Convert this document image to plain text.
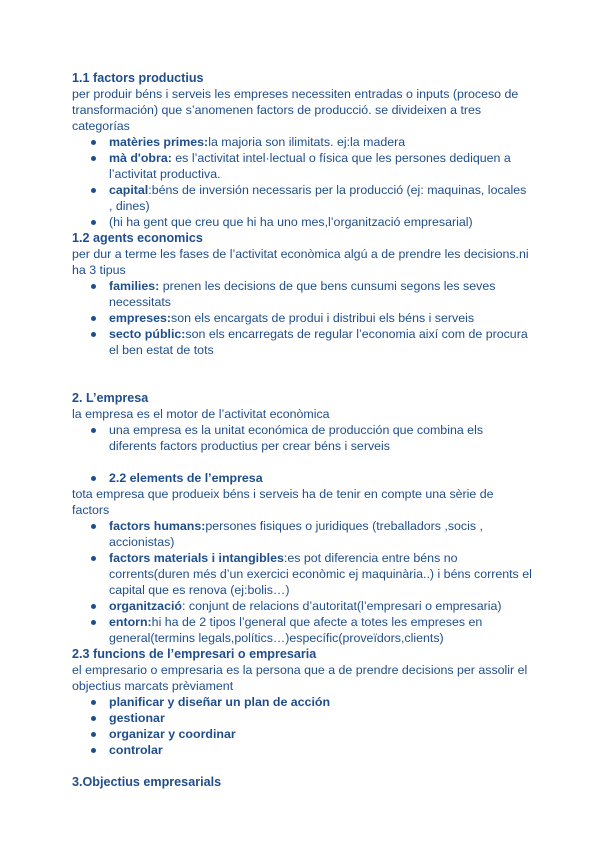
1.1 factors productius

per produir béns i serveis les empreses necessiten entradas o inputs (proceso de transformación) que s’anomenen factors de producció. se divideixen a tres categorías

matèries primes:la majoria son ilimitats. ej:la madera
mà d'obra: es l’activitat intel·lectual o física que les persones dediquen a l’activitat productiva.
capital:béns de inversión necessaris per la producció (ej: maquinas, locales , dines)
(hi ha gent que creu que hi ha uno mes,l’organització empresarial)
1.2 agents economics

per dur a terme les fases de l’activitat econòmica algú a de prendre les decisions.ni ha 3 tipus

families: prenen les decisions de que bens cunsumi segons les seves necessitats
empreses:son els encargats de produi i distribui els béns i serveis
secto públic:son els encarregats de regular l’economia així com de procura el ben estat de tots
2. L’empresa

la empresa es el motor de l’activitat econòmica

una empresa es la unitat económica de producción que combina els diferents factors productius per crear béns i serveis
2.2 elements de l’empresa

tota empresa que produeix béns i serveis ha de tenir en compte una sèrie de factors

factors humans:persones fisiques o juridiques (treballadors ,socis , accionistas)
factors materials i intangibles:es pot diferencia entre béns no corrents(duren més d’un exercici econòmic ej maquinària..) i béns corrents el capital que es renova (ej:bolis…)
organització: conjunt de relacions d’autoritat(l’empresari o empresaria)
entorn:hi ha de 2 tipos l’general que afecte a totes les empreses en general(termins legals,polítics…)específic(proveïdors,clients)
2.3 funcions de l’empresari o empresaria

el empresario o empresaria es la persona que a de prendre decisions per assolir el objectius marcats prèviament

planificar y diseñar un plan de acción
gestionar
organizar y coordinar
controlar
3.Objectius empresarials
